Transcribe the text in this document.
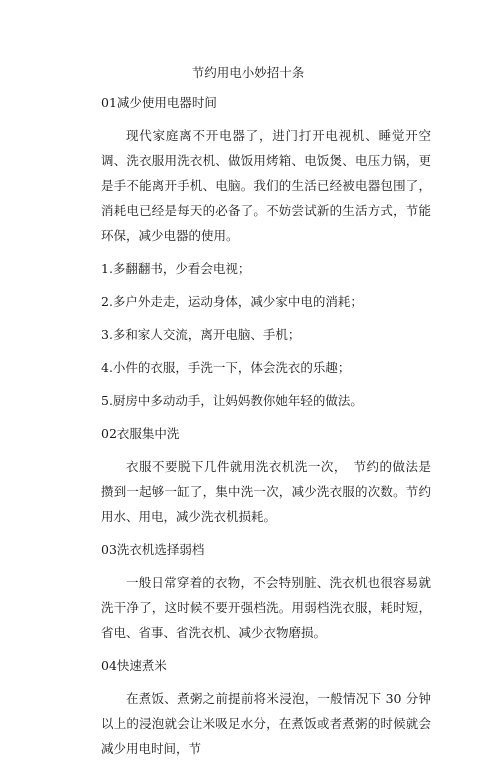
节约用电小妙招十条
01减少使用电器时间
现代家庭离不开电器了，进门打开电视机、睡觉开空调、洗衣服用洗衣机、做饭用烤箱、电饭煲、电压力锅，更是手不能离开手机、电脑。我们的生活已经被电器包围了，消耗电已经是每天的必备了。不妨尝试新的生活方式，节能环保，减少电器的使用。
1.多翻翻书，少看会电视；
2.多户外走走，运动身体，减少家中电的消耗；
3.多和家人交流，离开电脑、手机；
4.小件的衣服，手洗一下，体会洗衣的乐趣；
5.厨房中多动动手，让妈妈教你她年轻的做法。
02衣服集中洗
衣服不要脱下几件就用洗衣机洗一次，　节约的做法是攒到一起够一缸了，集中洗一次，减少洗衣服的次数。节约用水、用电，减少洗衣机损耗。
03洗衣机选择弱档
一般日常穿着的衣物，不会特别脏、洗衣机也很容易就洗干净了，这时候不要开强档洗。用弱档洗衣服，耗时短，省电、省事、省洗衣机、减少衣物磨损。
04快速煮米
在煮饭、煮粥之前提前将米浸泡，一般情况下 30 分钟以上的浸泡就会让米吸足水分，在煮饭或者煮粥的时候就会减少用电时间，节
